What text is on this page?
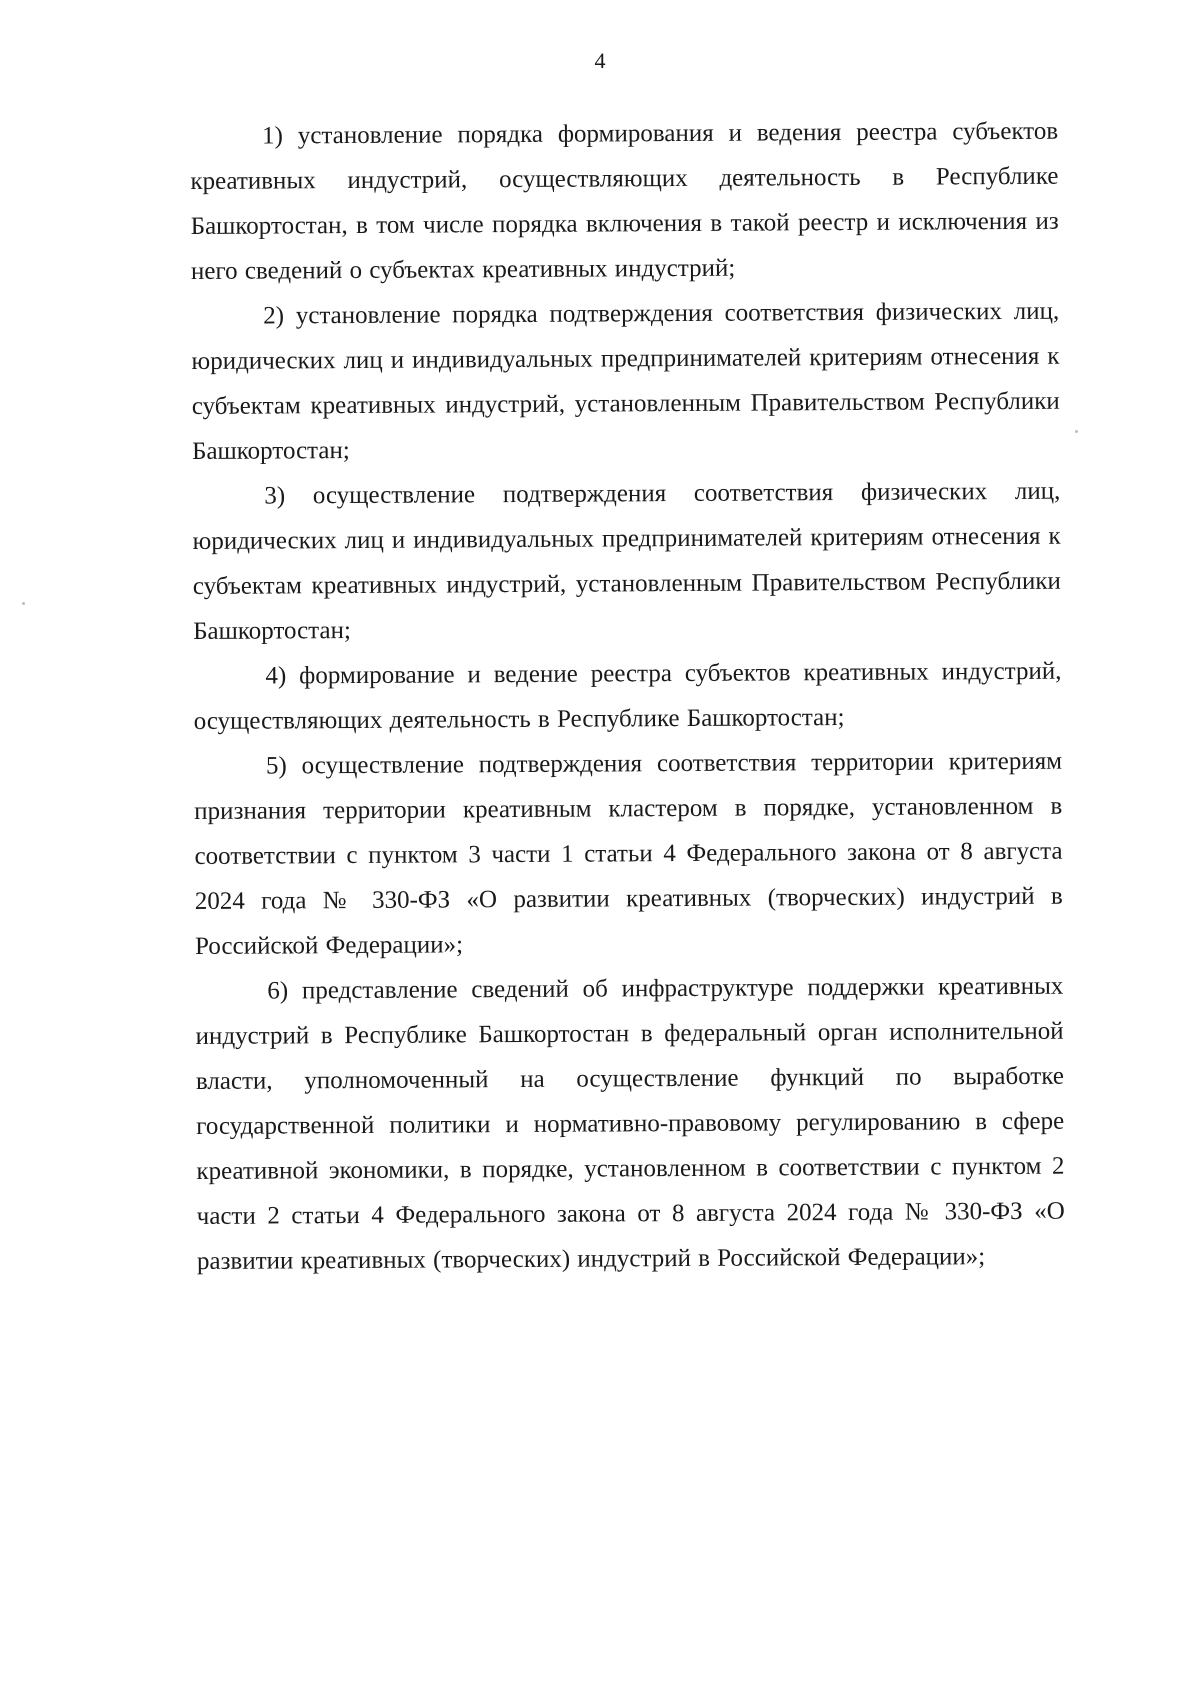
4

1) установление порядка формирования и ведения реестра субъектов креативных индустрий, осуществляющих деятельность в Республике Башкортостан, в том числе порядка включения в такой реестр и исключения из него сведений о субъектах креативных индустрий;

2) установление порядка подтверждения соответствия физических лиц, юридических лиц и индивидуальных предпринимателей критериям отнесения к субъектам креативных индустрий, установленным Правительством Республики Башкортостан;

3) осуществление подтверждения соответствия физических лиц, юридических лиц и индивидуальных предпринимателей критериям отнесения к субъектам креативных индустрий, установленным Правительством Республики Башкортостан;

4) формирование и ведение реестра субъектов креативных индустрий, осуществляющих деятельность в Республике Башкортостан;

5) осуществление подтверждения соответствия территории критериям признания территории креативным кластером в порядке, установленном в соответствии с пунктом 3 части 1 статьи 4 Федерального закона от 8 августа 2024 года № 330-ФЗ «О развитии креативных (творческих) индустрий в Российской Федерации»;

6) представление сведений об инфраструктуре поддержки креативных индустрий в Республике Башкортостан в федеральный орган исполнительной власти, уполномоченный на осуществление функций по выработке государственной политики и нормативно-правовому регулированию в сфере креативной экономики, в порядке, установленном в соответствии с пунктом 2 части 2 статьи 4 Федерального закона от 8 августа 2024 года № 330-ФЗ «О развитии креативных (творческих) индустрий в Российской Федерации»;
